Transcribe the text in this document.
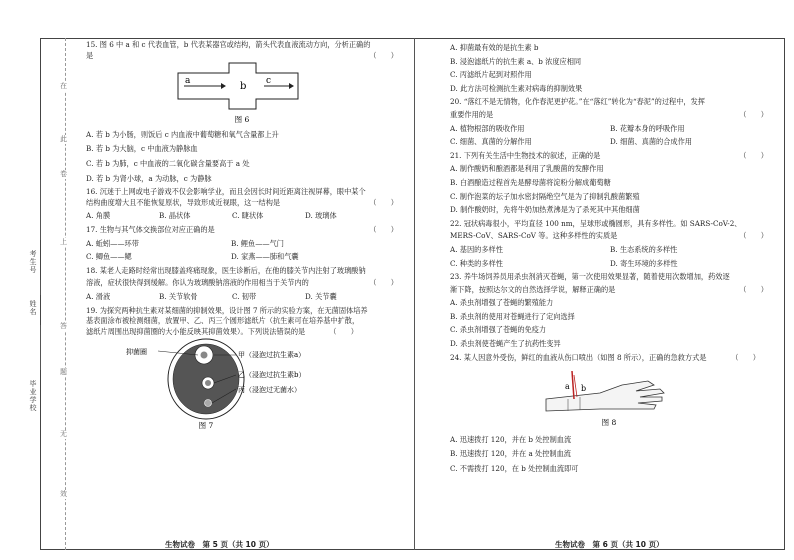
考生号
姓名
毕业学校
在
此
卷
上
答
题
无
效

15. 图 6 中 a 和 c 代表血管，b 代表某器官或结构，箭头代表血液流动方向，分析正确的

是	（　　）

a	b c
图 6

A. 若 b 为小肠，则饭后 c 内血液中葡萄糖和氧气含量都上升

B. 若 b 为大脑，c 中血液为静脉血

C. 若 b 为肺，c 中血液的二氧化碳含量要高于 a 处

D. 若 b 为肾小球，a 为动脉，c 为静脉

16. 沉迷于上网或电子游戏不仅会影响学业，而且会因长时间近距离注视屏幕，眼中某个

结构曲度增大且不能恢复原状，导致形成近视眼，这一结构是	（　　）

A. 角膜	B. 晶状体	C. 睫状体	D. 玻璃体

17. 生物与其气体交换部位对应正确的是	（　　）

A. 蚯蚓——环带	B. 鲤鱼——气门
C. 鲫鱼——鳃	D. 家燕——肺和气囊

18. 某老人走路时经常出现膝盖疼痛现象，医生诊断后，在他的膝关节内注射了玻璃酸钠

溶液，症状很快得到缓解。你认为玻璃酸钠溶液的作用相当于关节内的	（　　）

A. 滑液	B. 关节软骨	C. 韧带	D. 关节囊

19. 为探究两种抗生素对某细菌的抑制效果，设计图 7 所示的实验方案，在无菌固体培养

基表面涂布被检测细菌，放置甲、乙、丙三个圆形滤纸片（抗生素可在培养基中扩散，

滤纸片周围出现抑菌圈的大小能反映其抑菌效果）。下列说法错误的是	（　　）

抑菌圈	甲（浸泡过抗生素a）
乙（浸泡过抗生素b）
丙（浸泡过无菌水）
图 7
生物试卷　第 5 页（共 10 页）

A. 抑菌最有效的是抗生素 b

B. 浸泡滤纸片的抗生素 a、b 浓度应相同

C. 丙滤纸片起到对照作用

D. 此方法可检测抗生素对病毒的抑制效果

20. “落红不是无情物，化作春泥更护花。”在“落红”转化为“春泥”的过程中，发挥

重要作用的是	（　　）

A. 植物根部的吸收作用	B. 花瓣本身的呼吸作用
C. 细菌、真菌的分解作用	D. 细菌、真菌的合成作用

21. 下列有关生活中生物技术的叙述，正确的是	（　　）

A. 制作酸奶和酿酒都是利用了乳酸菌的发酵作用

B. 白酒酿造过程首先是酵母菌将淀粉分解成葡萄糖

C. 制作泡菜的坛子加水密封隔绝空气是为了抑制乳酸菌繁殖

D. 制作酸奶时，先将牛奶加热煮沸是为了杀死其中其他细菌

22. 冠状病毒很小，平均直径 100 nm，呈球形或椭圆形，具有多样性。如 SARS-CoV-2、

MERS-CoV、SARS-CoV 等。这种多样性的实质是	（　　）

A. 基因的多样性	B. 生态系统的多样性
C. 种类的多样性	D. 寄生环境的多样性

23. 养牛场饲养员用杀虫剂消灭苍蝇，第一次使用效果显著，随着使用次数增加，药效逐

渐下降，按照达尔文的自然选择学说，解释正确的是	（　　）

A. 杀虫剂增强了苍蝇的繁殖能力

B. 杀虫剂的使用对苍蝇进行了定向选择

C. 杀虫剂增强了苍蝇的免疫力

D. 杀虫剂使苍蝇产生了抗药性变异

24. 某人因意外受伤，鲜红的血液从伤口喷出（如图 8 所示），正确的急救方式是	（　　）

a b
图 8

A. 迅速拨打 120，并在 b 处控制血流

B. 迅速拨打 120，并在 a 处控制血流

C. 不需拨打 120，在 b 处控制血流即可

生物试卷　第 6 页（共 10 页）
